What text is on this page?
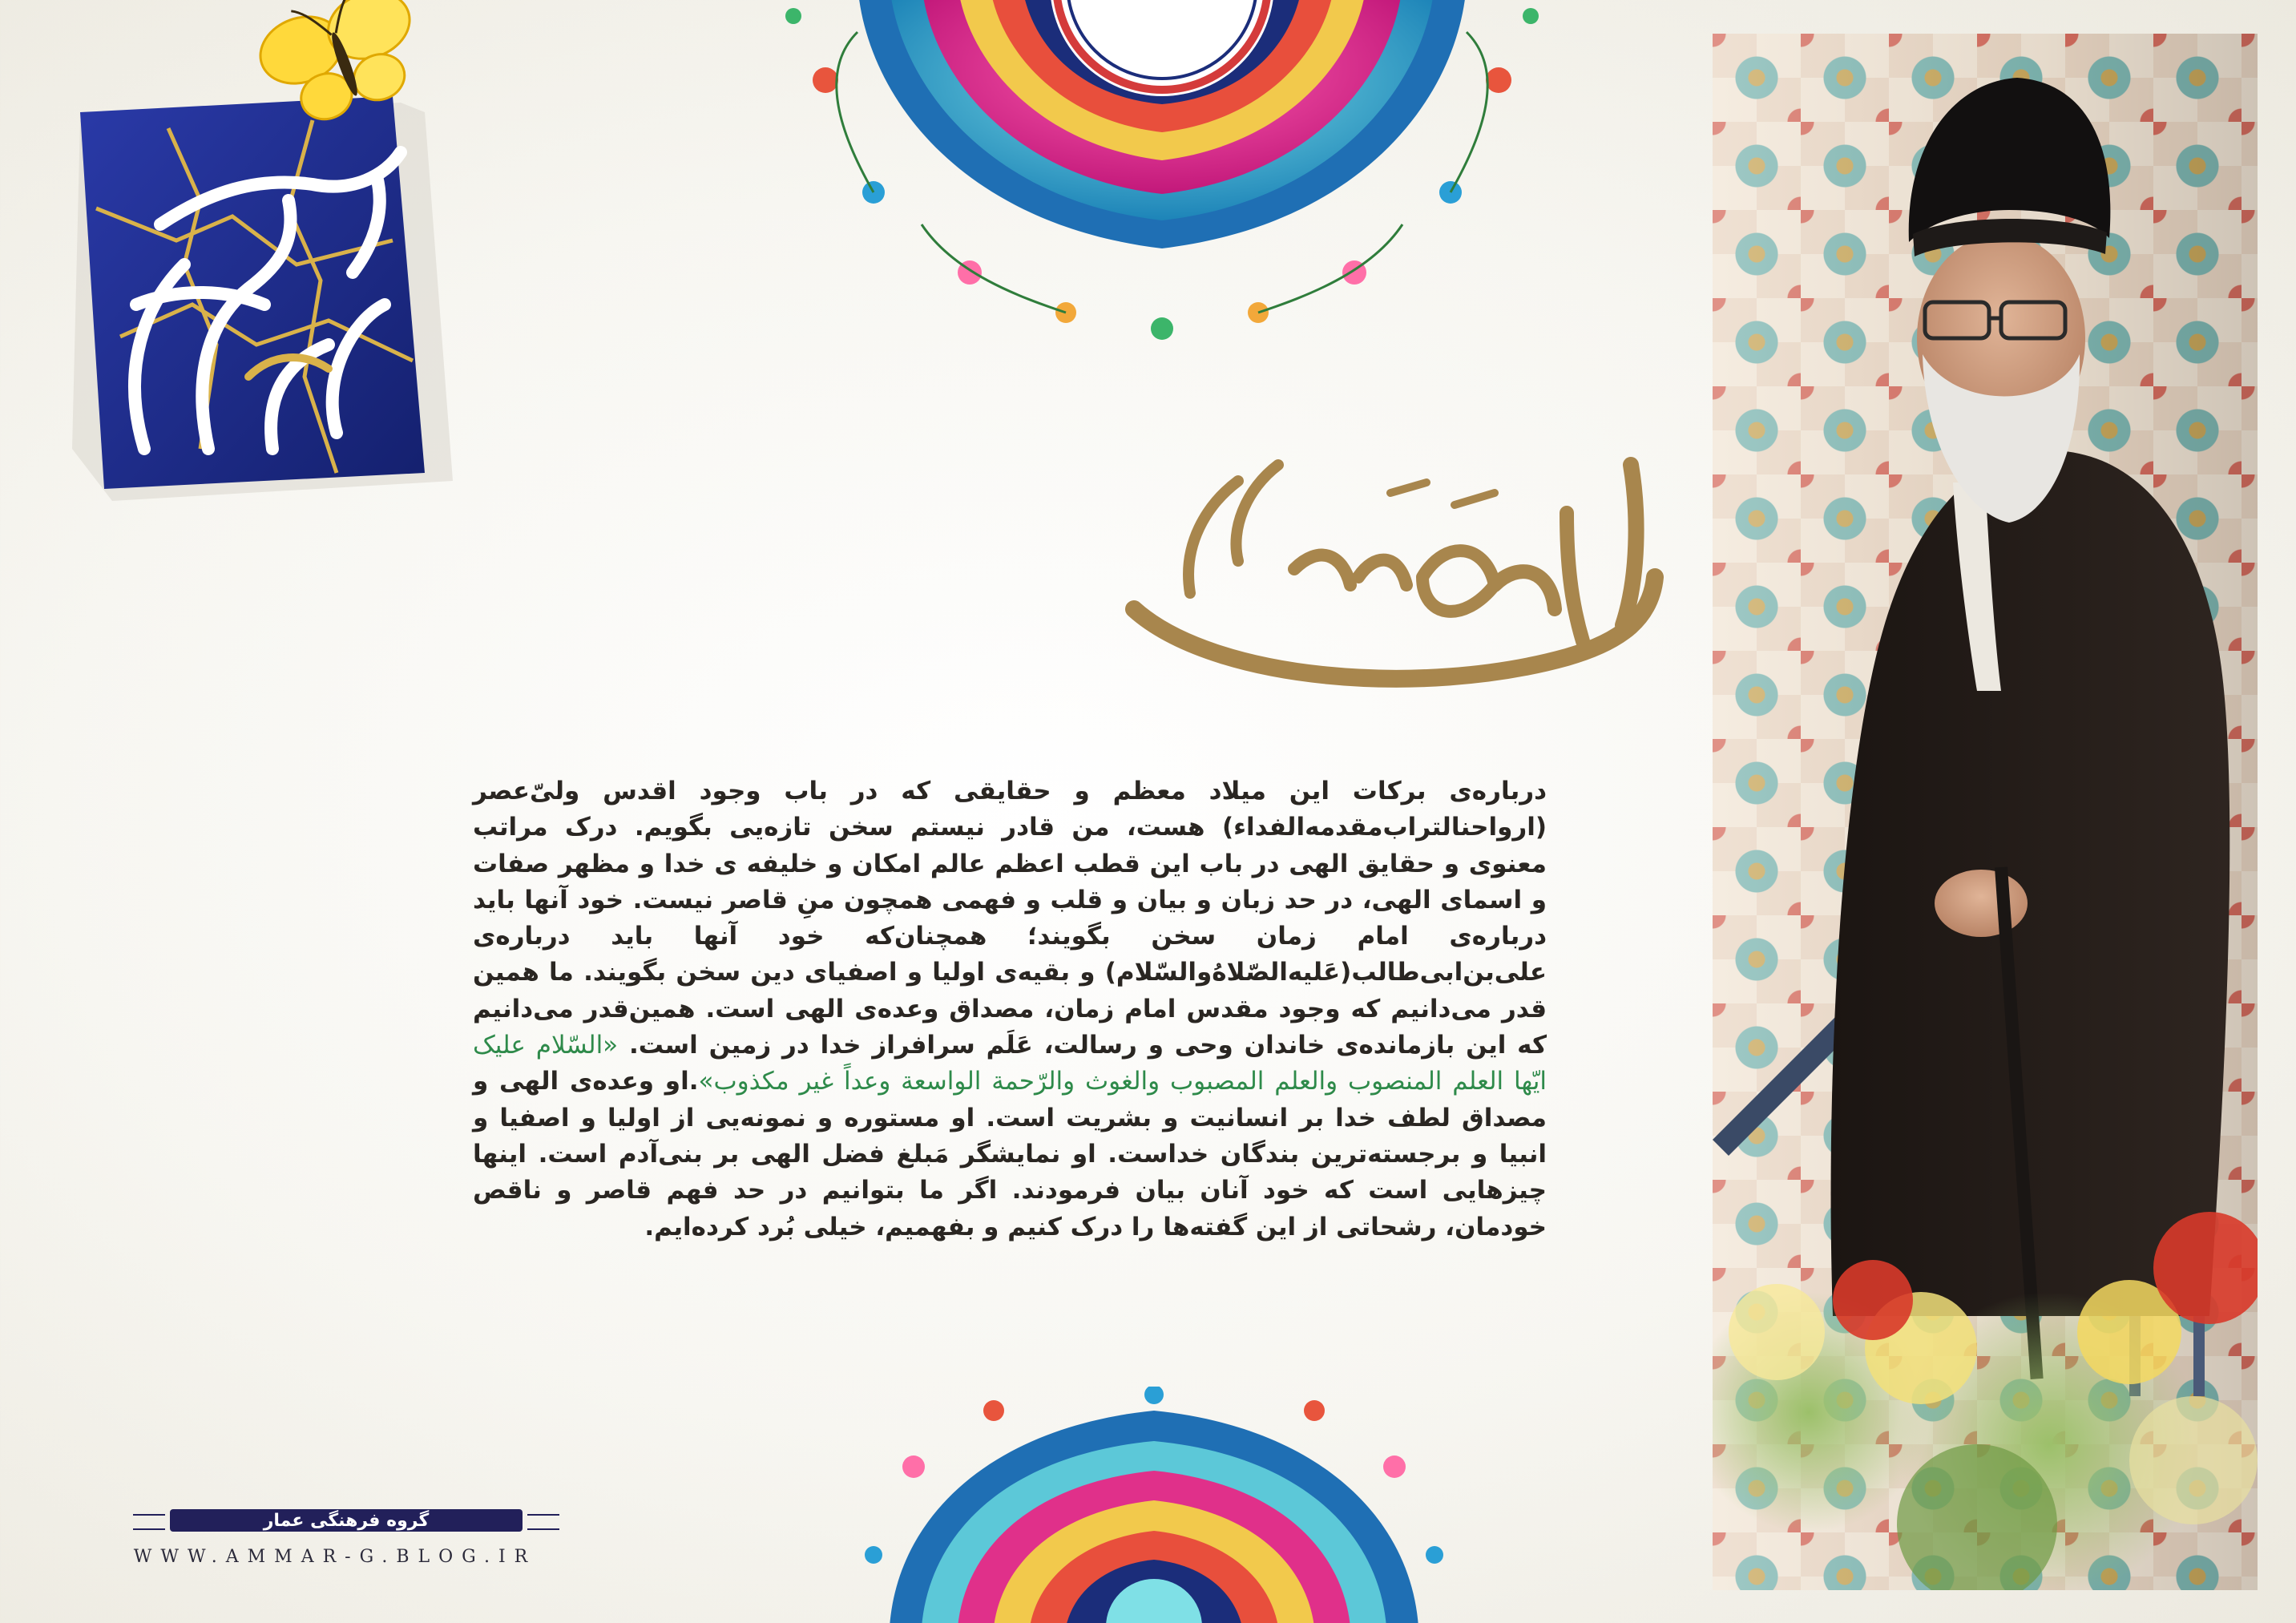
یا اباصالح المهدی ادرکنی
امام خامنه‌ای
درباره‌ی برکات این میلاد معظم و حقایقی که در باب وجود اقدس ولیّ‌عصر (ارواحنالتراب‌مقدمه‌الفداء) هست، من قادر نیستم سخن تازه‌یی بگویم. درک مراتب معنوی و حقایق الهی در باب این قطب اعظم عالم امکان و خلیفه ی خدا و مظهر صفات و اسمای الهی، در حد زبان و بیان و قلب و فهمی همچون منِ قاصر نیست. خود آنها باید درباره‌ی امام زمان سخن بگویند؛ همچنان‌که خود آنها باید درباره‌ی علی‌بن‌ابی‌طالب(عَلیه‌الصّلاهُ‌والسّلام) و بقیه‌ی اولیا و اصفیای دین سخن بگویند. ما همین قدر می‌دانیم که وجود مقدس امام زمان، مصداق وعده‌ی الهی است. همین‌قدر می‌دانیم که این بازمانده‌ی خاندان وحی و رسالت، عَلَم سرافراز خدا در زمین است. «السّلام علیک ایّها العلم المنصوب والعلم المصبوب والغوث والرّحمة الواسعة وعداً غیر مکذوب».او وعده‌ی الهی و مصداق لطف خدا بر انسانیت و بشریت است. او مستوره و نمونه‌یی از اولیا و اصفیا و انبیا و برجسته‌ترین بندگان خداست. او نمایشگر مَبلغ فضل الهی بر بنی‌آدم است. اینها چیزهایی است که خود آنان بیان فرمودند. اگر ما بتوانیم در حد فهم قاصر و ناقص خودمان، رشحاتی از این گفته‌ها را درک کنیم و بفهمیم، خیلی بُرد کرده‌ایم.
گروه فرهنگی عمار
WWW.AMMAR-G.BLOG.IR
